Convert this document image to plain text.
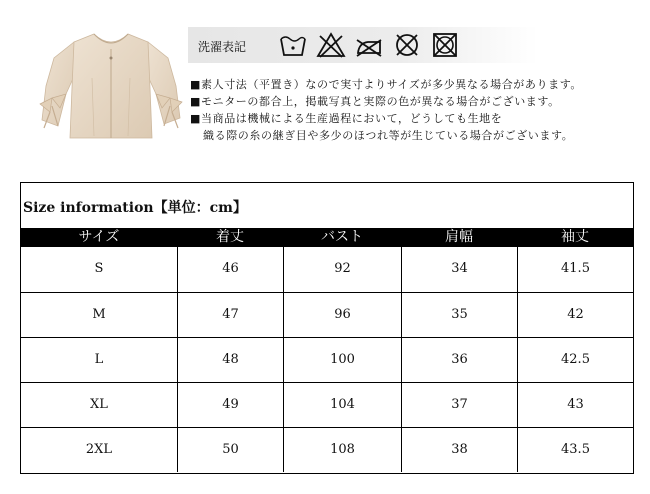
洗濯表記
■素人寸法（平置き）なので実寸よりサイズが多少異なる場合があります。
■モニターの都合上，掲載写真と実際の色が異なる場合がございます。
■当商品は機械による生産過程において，どうしても生地を
織る際の糸の継ぎ目や多少のほつれ等が生じている場合がございます。
Size information【単位：cm】
サイズ	着丈	バスト	肩幅	袖丈
S	46	92	34	41.5
M	47	96	35	42
L	48	100	36	42.5
XL	49	104	37	43
2XL	50	108	38	43.5
